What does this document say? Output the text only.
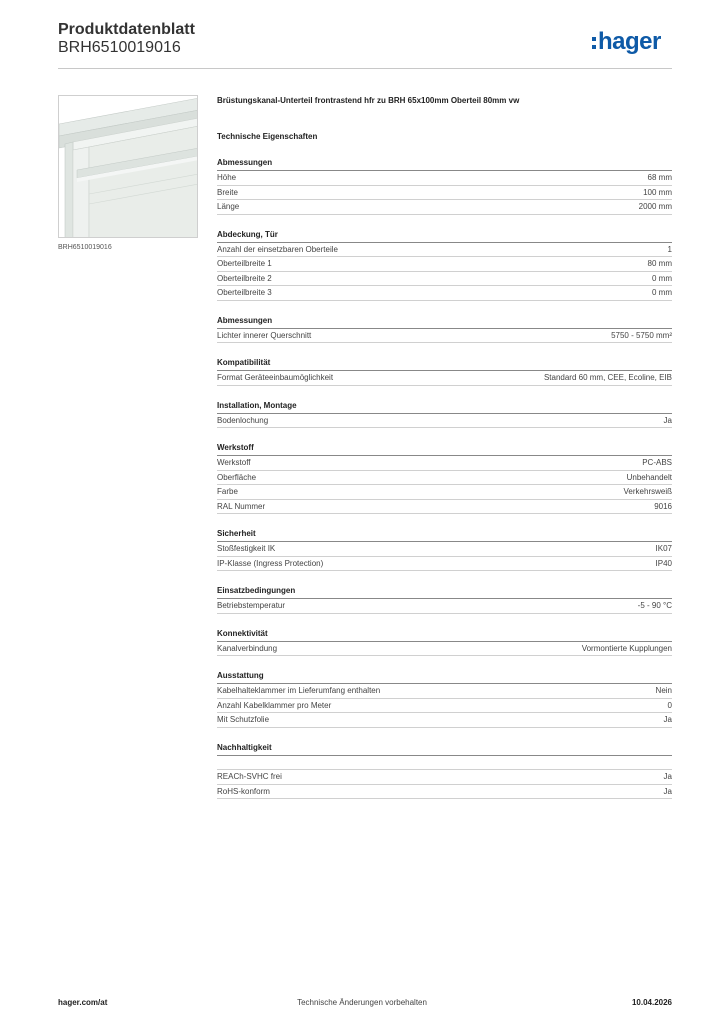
Produktdatenblatt
BRH6510019016	hager
BRH6510019016
Brüstungskanal-Unterteil frontrastend hfr zu BRH 65x100mm Oberteil 80mm vw
Technische Eigenschaften
Abmessungen
Höhe	68 mm
Breite	100 mm
Länge	2000 mm
Abdeckung, Tür
Anzahl der einsetzbaren Oberteile	1
Oberteilbreite 1	80 mm
Oberteilbreite 2	0 mm
Oberteilbreite 3	0 mm
Abmessungen
Lichter innerer Querschnitt	5750 - 5750 mm²
Kompatibilität
Format Geräteeinbaumöglichkeit	Standard 60 mm, CEE, Ecoline, EIB
Installation, Montage
Bodenlochung	Ja
Werkstoff
Werkstoff	PC-ABS
Oberfläche	Unbehandelt
Farbe	Verkehrsweiß
RAL Nummer	9016
Sicherheit
Stoßfestigkeit IK	IK07
IP-Klasse (Ingress Protection)	IP40
Einsatzbedingungen
Betriebstemperatur	-5 - 90 °C
Konnektivität
Kanalverbindung	Vormontierte Kupplungen
Ausstattung
Kabelhalteklammer im Lieferumfang enthalten	Nein
Anzahl Kabelklammer pro Meter	0
Mit Schutzfolie	Ja
Nachhaltigkeit
REACh-SVHC frei	Ja
RoHS-konform	Ja
hager.com/at	Technische Änderungen vorbehalten	10.04.2026
